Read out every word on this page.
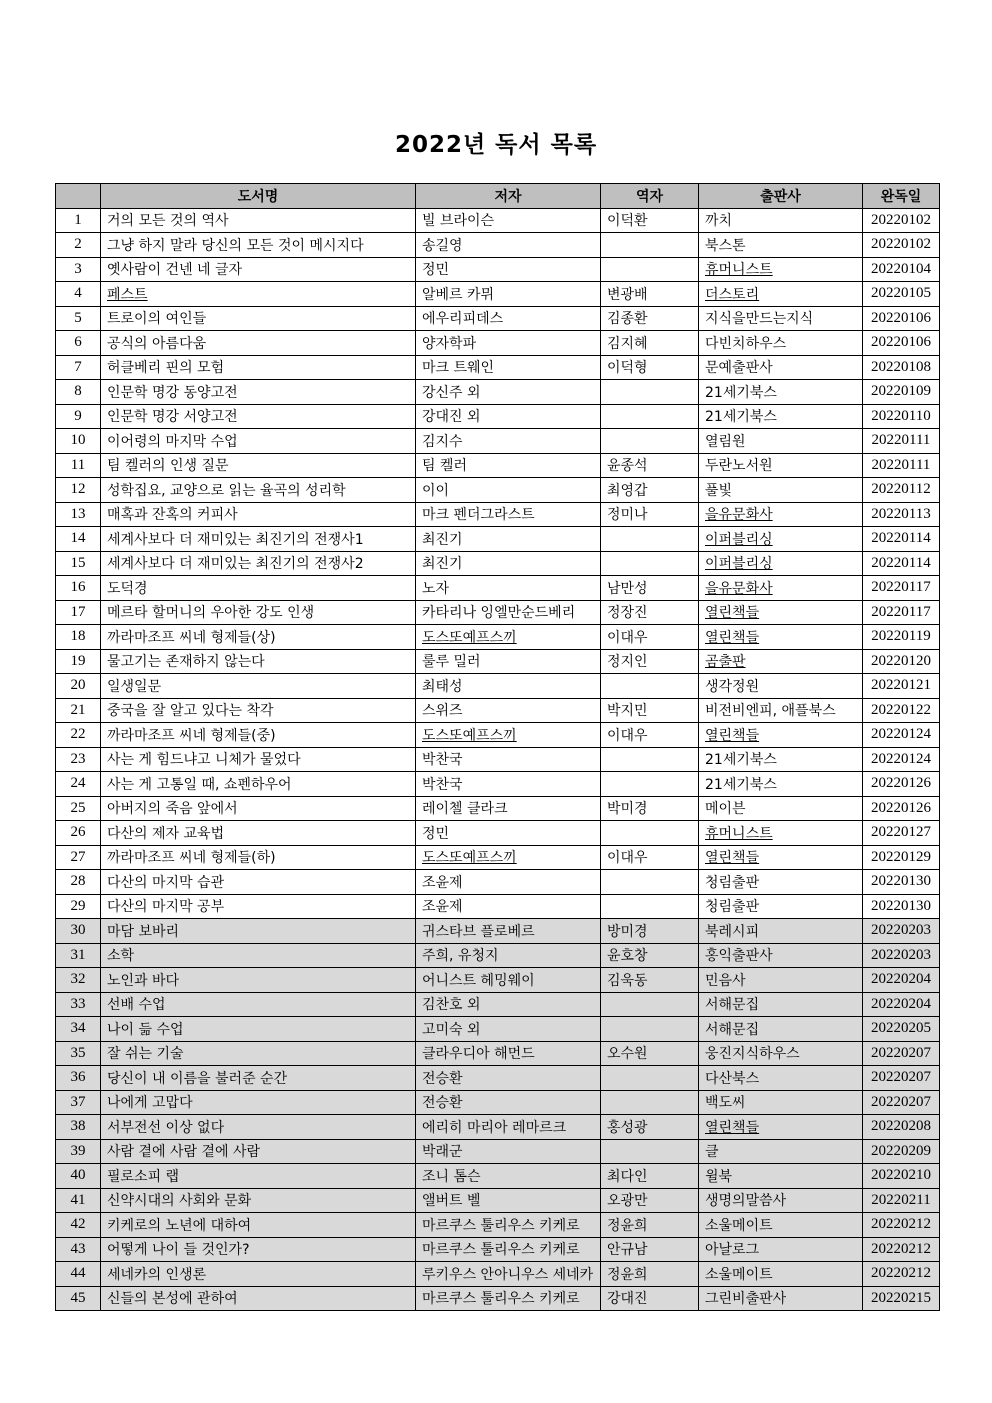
2022년 독서 목록
	도서명	저자	역자	출판사	완독일
1	거의 모든 것의 역사	빌 브라이슨	이덕환	까치	20220102
2	그냥 하지 말라 당신의 모든 것이 메시지다	송길영		북스톤	20220102
3	옛사람이 건넨 네 글자	정민		휴머니스트	20220104
4	페스트	알베르 카뮈	변광배	더스토리	20220105
5	트로이의 여인들	에우리피데스	김종환	지식을만드는지식	20220106
6	공식의 아름다움	양자학파	김지혜	다빈치하우스	20220106
7	허클베리 핀의 모험	마크 트웨인	이덕형	문예출판사	20220108
8	인문학 명강 동양고전	강신주 외		21세기북스	20220109
9	인문학 명강 서양고전	강대진 외		21세기북스	20220110
10	이어령의 마지막 수업	김지수		열림원	20220111
11	팀 켈러의 인생 질문	팀 켈러	윤종석	두란노서원	20220111
12	성학집요, 교양으로 읽는 율곡의 성리학	이이	최영갑	풀빛	20220112
13	매혹과 잔혹의 커피사	마크 펜더그라스트	정미나	을유문화사	20220113
14	세계사보다 더 재미있는 최진기의 전쟁사1	최진기		이퍼블리싱	20220114
15	세계사보다 더 재미있는 최진기의 전쟁사2	최진기		이퍼블리싱	20220114
16	도덕경	노자	남만성	을유문화사	20220117
17	메르타 할머니의 우아한 강도 인생	카타리나 잉엘만순드베리	정장진	열린책들	20220117
18	까라마조프 씨네 형제들(상)	도스또예프스끼	이대우	열린책들	20220119
19	물고기는 존재하지 않는다	룰루 밀러	정지인	곰출판	20220120
20	일생일문	최태성		생각정원	20220121
21	중국을 잘 알고 있다는 착각	스위즈	박지민	비전비엔피, 애플북스	20220122
22	까라마조프 씨네 형제들(중)	도스또예프스끼	이대우	열린책들	20220124
23	사는 게 힘드냐고 니체가 물었다	박찬국		21세기북스	20220124
24	사는 게 고통일 때, 쇼펜하우어	박찬국		21세기북스	20220126
25	아버지의 죽음 앞에서	레이첼 클라크	박미경	메이븐	20220126
26	다산의 제자 교육법	정민		휴머니스트	20220127
27	까라마조프 씨네 형제들(하)	도스또예프스끼	이대우	열린책들	20220129
28	다산의 마지막 습관	조윤제		청림출판	20220130
29	다산의 마지막 공부	조윤제		청림출판	20220130
30	마담 보바리	귀스타브 플로베르	방미경	북레시피	20220203
31	소학	주희, 유청지	윤호창	홍익출판사	20220203
32	노인과 바다	어니스트 헤밍웨이	김욱동	민음사	20220204
33	선배 수업	김찬호 외		서해문집	20220204
34	나이 듦 수업	고미숙 외		서해문집	20220205
35	잘 쉬는 기술	클라우디아 해먼드	오수원	웅진지식하우스	20220207
36	당신이 내 이름을 불러준 순간	전승환		다산북스	20220207
37	나에게 고맙다	전승환		백도씨	20220207
38	서부전선 이상 없다	에리히 마리아 레마르크	홍성광	열린책들	20220208
39	사람 곁에 사람 곁에 사람	박래군		클	20220209
40	필로소피 랩	조니 톰슨	최다인	윌북	20220210
41	신약시대의 사회와 문화	앨버트 벨	오광만	생명의말씀사	20220211
42	키케로의 노년에 대하여	마르쿠스 툴리우스 키케로	정윤희	소울메이트	20220212
43	어떻게 나이 들 것인가?	마르쿠스 툴리우스 키케로	안규남	아날로그	20220212
44	세네카의 인생론	루키우스 안아니우스 세네카	정윤희	소울메이트	20220212
45	신들의 본성에 관하여	마르쿠스 툴리우스 키케로	강대진	그린비출판사	20220215
